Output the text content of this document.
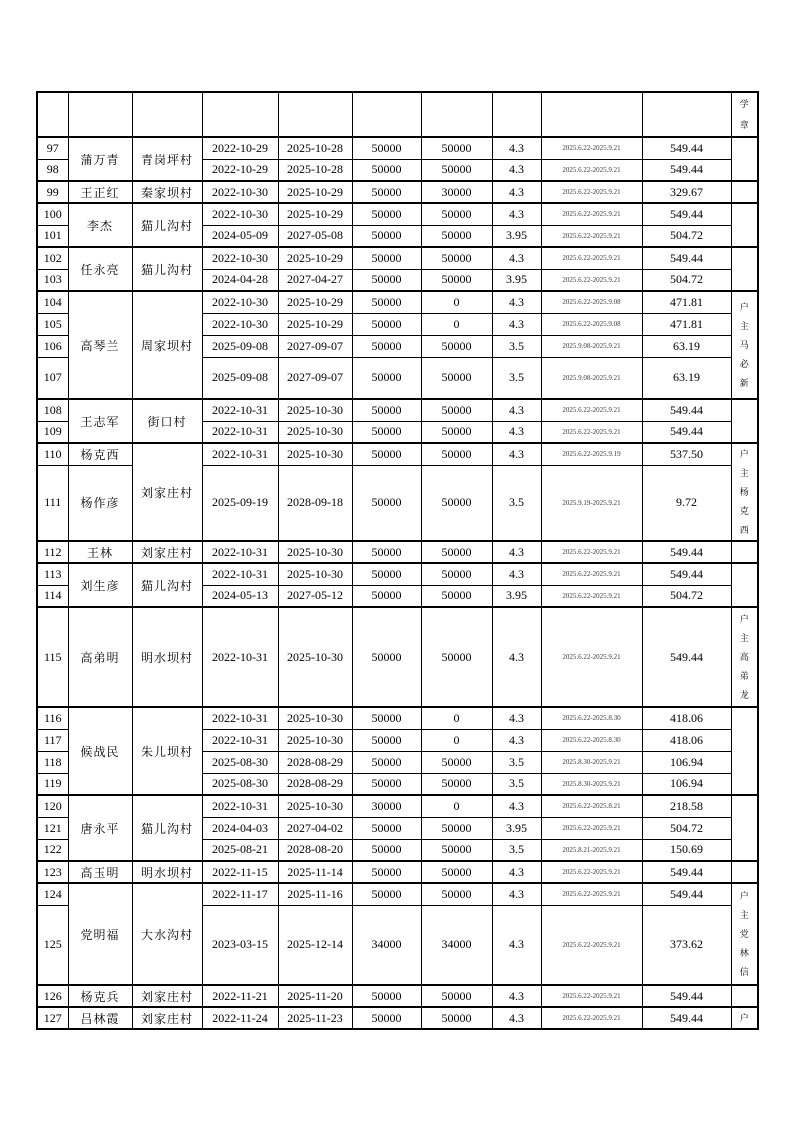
										学
章

97	蒲万青	青岗坪村	2022-10-29	2025-10-28	50000	50000	4.3	2025.6.22-2025.9.21	549.44	
98			2022-10-29	2025-10-28	50000	50000	4.3	2025.6.22-2025.9.21	549.44	
99	王正红	秦家坝村	2022-10-30	2025-10-29	50000	30000	4.3	2025.6.22-2025.9.21	329.67	
100	李杰	猫儿沟村	2022-10-30	2025-10-29	50000	50000	4.3	2025.6.22-2025.9.21	549.44	
101			2024-05-09	2027-05-08	50000	50000	3.95	2025.6.22-2025.9.21	504.72	
102	任永亮	猫儿沟村	2022-10-30	2025-10-29	50000	50000	4.3	2025.6.22-2025.9.21	549.44	
103			2024-04-28	2027-04-27	50000	50000	3.95	2025.6.22-2025.9.21	504.72	
104	高琴兰	周家坝村	2022-10-30	2025-10-29	50000	0	4.3	2025.6.22-2025.9.08	471.81	户
主
马
必
新

105			2022-10-30	2025-10-29	50000	0	4.3	2025.6.22-2025.9.08	471.81	
106			2025-09-08	2027-09-07	50000	50000	3.5	2025.9.08-2025.9.21	63.19	
107			2025-09-08	2027-09-07	50000	50000	3.5	2025.9.08-2025.9.21	63.19	
108	王志军	街口村	2022-10-31	2025-10-30	50000	50000	4.3	2025.6.22-2025.9.21	549.44	
109			2022-10-31	2025-10-30	50000	50000	4.3	2025.6.22-2025.9.21	549.44	
110	杨克西	刘家庄村	2022-10-31	2025-10-30	50000	50000	4.3	2025.6.22-2025.9.19	537.50	户
主
杨
克
西

111	杨作彦		2025-09-19	2028-09-18	50000	50000	3.5	2025.9.19-2025.9.21	9.72	
112	王林	刘家庄村	2022-10-31	2025-10-30	50000	50000	4.3	2025.6.22-2025.9.21	549.44	
113	刘生彦	猫儿沟村	2022-10-31	2025-10-30	50000	50000	4.3	2025.6.22-2025.9.21	549.44	
114			2024-05-13	2027-05-12	50000	50000	3.95	2025.6.22-2025.9.21	504.72	
115	高弟明	明水坝村	2022-10-31	2025-10-30	50000	50000	4.3	2025.6.22-2025.9.21	549.44	户
主
高
弟
龙

116	候战民	朱儿坝村	2022-10-31	2025-10-30	50000	0	4.3	2025.6.22-2025.8.30	418.06	
117			2022-10-31	2025-10-30	50000	0	4.3	2025.6.22-2025.8.30	418.06	
118			2025-08-30	2028-08-29	50000	50000	3.5	2025.8.30-2025.9.21	106.94	
119			2025-08-30	2028-08-29	50000	50000	3.5	2025.8.30-2025.9.21	106.94	
120	唐永平	猫儿沟村	2022-10-31	2025-10-30	30000	0	4.3	2025.6.22-2025.8.21	218.58	
121			2024-04-03	2027-04-02	50000	50000	3.95	2025.6.22-2025.9.21	504.72	
122			2025-08-21	2028-08-20	50000	50000	3.5	2025.8.21-2025.9.21	150.69	
123	高玉明	明水坝村	2022-11-15	2025-11-14	50000	50000	4.3	2025.6.22-2025.9.21	549.44	
124	党明福	大水沟村	2022-11-17	2025-11-16	50000	50000	4.3	2025.6.22-2025.9.21	549.44	户
主
党
林
信

125			2023-03-15	2025-12-14	34000	34000	4.3	2025.6.22-2025.9.21	373.62	
126	杨克兵	刘家庄村	2022-11-21	2025-11-20	50000	50000	4.3	2025.6.22-2025.9.21	549.44	
127	吕林霞	刘家庄村	2022-11-24	2025-11-23	50000	50000	4.3	2025.6.22-2025.9.21	549.44	户
